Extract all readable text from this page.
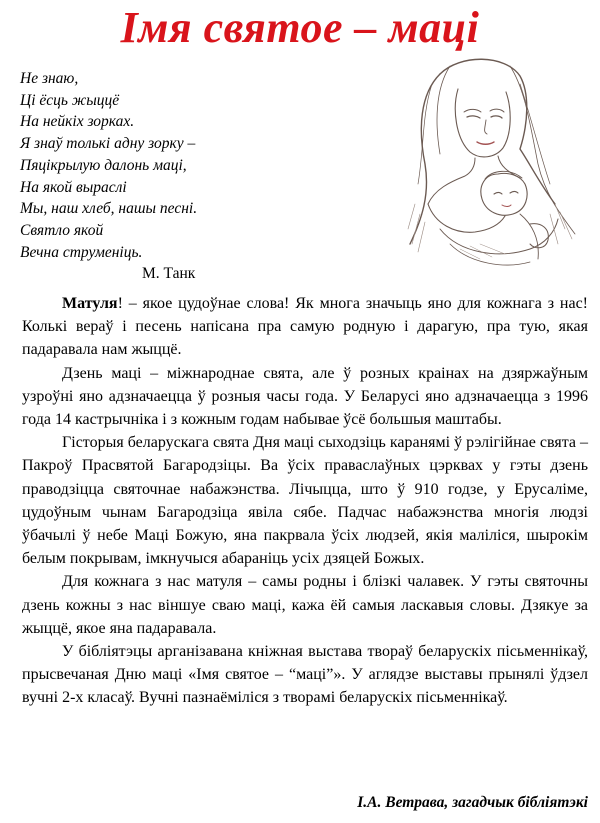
Імя святое – маці
Не знаю,
Ці ёсць жыццё
На нейкіх зорках.
Я знаў толькі адну зорку –
Пяцікрылую далонь маці,
На якой выраслі
Мы, наш хлеб, нашы песні.
Святло якой
Вечна струменіць.
М. Танк

Матуля! – якое цудоўнае слова! Як многа значыць яно для кожнага з нас! Колькі вераў і песень напісана пра самую родную і дарагую, пра тую, якая падаравала нам жыццё.

Дзень маці – міжнароднае свята, але ў розных краінах на дзяржаўным узроўні яно адзначаецца ў розныя часы года. У Беларусі яно адзначаецца з 1996 года 14 кастрычніка і з кожным годам набывае ўсё большыя маштабы.

Гісторыя беларускага свята Дня маці сыходзіць каранямі ў рэлігійнае свята – Пакроў Прасвятой Багародзіцы. Ва ўсіх праваслаўных цэрквах у гэты дзень праводзіцца святочнае набажэнства. Лічыцца, што ў 910 годзе, у Ерусаліме, цудоўным чынам Багародзіца явіла сябе. Падчас набажэнства многія людзі ўбачылі ў небе Маці Божую, яна пакрвала ўсіх людзей, якія маліліся, шырокім белым покрывам, імкнучыся абараніць усіх дзяцей Божых.

Для кожнага з нас матуля – самы родны і блізкі чалавек. У гэты святочны дзень кожны з нас віншуе сваю маці, кажа ёй самыя ласкавыя словы. Дзякуе за жыццё, якое яна падаравала.

У бібліятэцы арганізавана кніжная выстава твораў беларускіх пісьменнікаў, прысвечаная Дню маці «Імя святое – “маці”». У аглядзе выставы прынялі ўдзел вучні 2-х класаў. Вучні пазнаёміліся з творамі беларускіх пісьменнікаў.

І.А. Ветрава, загадчык бібліятэкі
